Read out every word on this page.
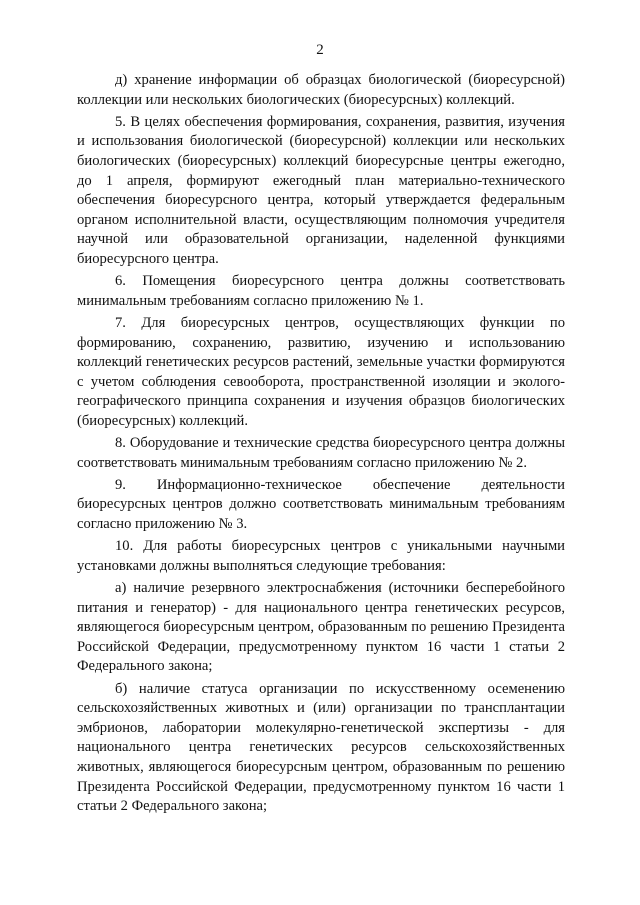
2

д) хранение информации об образцах биологической (биоресурсной) коллекции или нескольких биологических (биоресурсных) коллекций.

5. В целях обеспечения формирования, сохранения, развития, изучения и использования биологической (биоресурсной) коллекции или нескольких биологических (биоресурсных) коллекций биоресурсные центры ежегодно, до 1 апреля, формируют ежегодный план материально-технического обеспечения биоресурсного центра, который утверждается федеральным органом исполнительной власти, осуществляющим полномочия учредителя научной или образовательной организации, наделенной функциями биоресурсного центра.

6. Помещения биоресурсного центра должны соответствовать минимальным требованиям согласно приложению № 1.

7. Для биоресурсных центров, осуществляющих функции по формированию, сохранению, развитию, изучению и использованию коллекций генетических ресурсов растений, земельные участки формируются с учетом соблюдения севооборота, пространственной изоляции и эколого-географического принципа сохранения и изучения образцов биологических (биоресурсных) коллекций.

8. Оборудование и технические средства биоресурсного центра должны соответствовать минимальным требованиям согласно приложению № 2.

9. Информационно-техническое обеспечение деятельности биоресурсных центров должно соответствовать минимальным требованиям согласно приложению № 3.

10. Для работы биоресурсных центров с уникальными научными установками должны выполняться следующие требования:

а) наличие резервного электроснабжения (источники бесперебойного питания и генератор) - для национального центра генетических ресурсов, являющегося биоресурсным центром, образованным по решению Президента Российской Федерации, предусмотренному пунктом 16 части 1 статьи 2 Федерального закона;

б) наличие статуса организации по искусственному осеменению сельскохозяйственных животных и (или) организации по трансплантации эмбрионов, лаборатории молекулярно-генетической экспертизы - для национального центра генетических ресурсов сельскохозяйственных животных, являющегося биоресурсным центром, образованным по решению Президента Российской Федерации, предусмотренному пунктом 16 части 1 статьи 2 Федерального закона;
